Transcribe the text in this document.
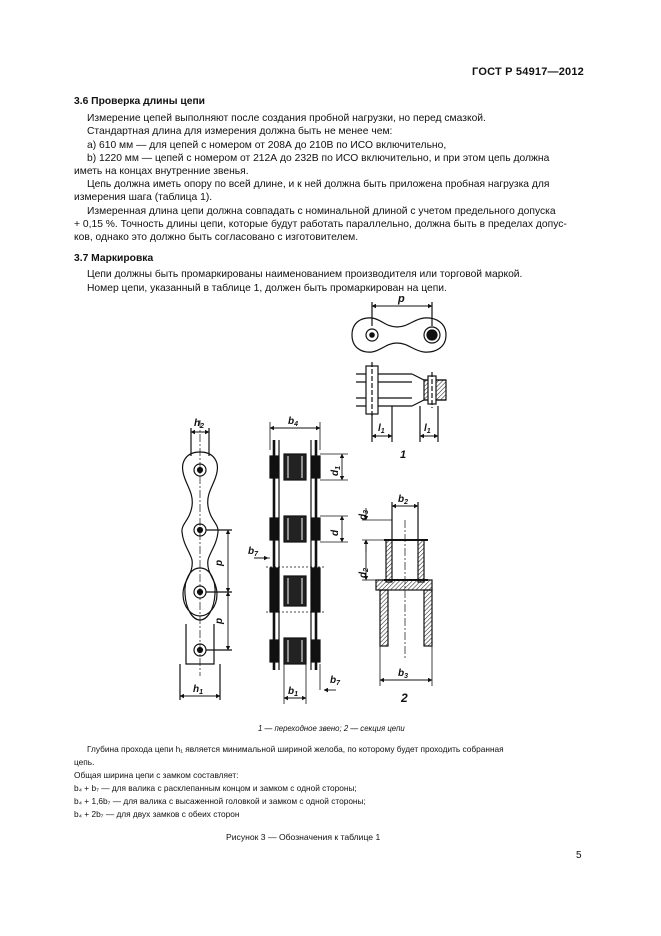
ГОСТ Р 54917—2012
3.6 Проверка длины цепи
Измерение цепей выполняют после создания пробной нагрузки, но перед смазкой.
Стандартная длина для измерения должна быть не менее чем:
a) 610 мм — для цепей с номером от 208А до 210В по ИСО включительно,
b) 1220 мм — цепей с номером от 212А до 232В по ИСО включительно, и при этом цепь должна
иметь на концах внутренние звенья.
Цепь должна иметь опору по всей длине, и к ней должна быть приложена пробная нагрузка для
измерения шага (таблица 1).
Измеренная длина цепи должна совпадать с номинальной длиной с учетом предельного допуска
+ 0,15 %. Точность длины цепи, которые будут работать параллельно, должна быть в пределах допус-
ков, однако это должно быть согласовано с изготовителем.
3.7 Маркировка
Цепи должны быть промаркированы наименованием производителя или торговой маркой.
Номер цепи, указанный в таблице 1, должен быть промаркирован на цепи.
p
$l_1$	$l_1$
1
$h_2$
$h_1$
p
p
$b_4$
$b_1$
$b_7$
$b_7$
$d_1$
d
$b_2$
$d_3$
$d_2$
$b_3$
2
1 — переходное звено; 2 — секция цепи
Глубина прохода цепи h₁ является минимальной шириной желоба, по которому будет проходить собранная
цепь.
Общая ширина цепи с замком составляет:
b₄ + b₇ — для валика с расклепанным концом и замком с одной стороны;
b₄ + 1,6b₇ — для валика с высаженной головкой и замком с одной стороны;
b₄ + 2b₇ — для двух замков с обеих сторон
Рисунок 3 — Обозначения к таблице 1
5
